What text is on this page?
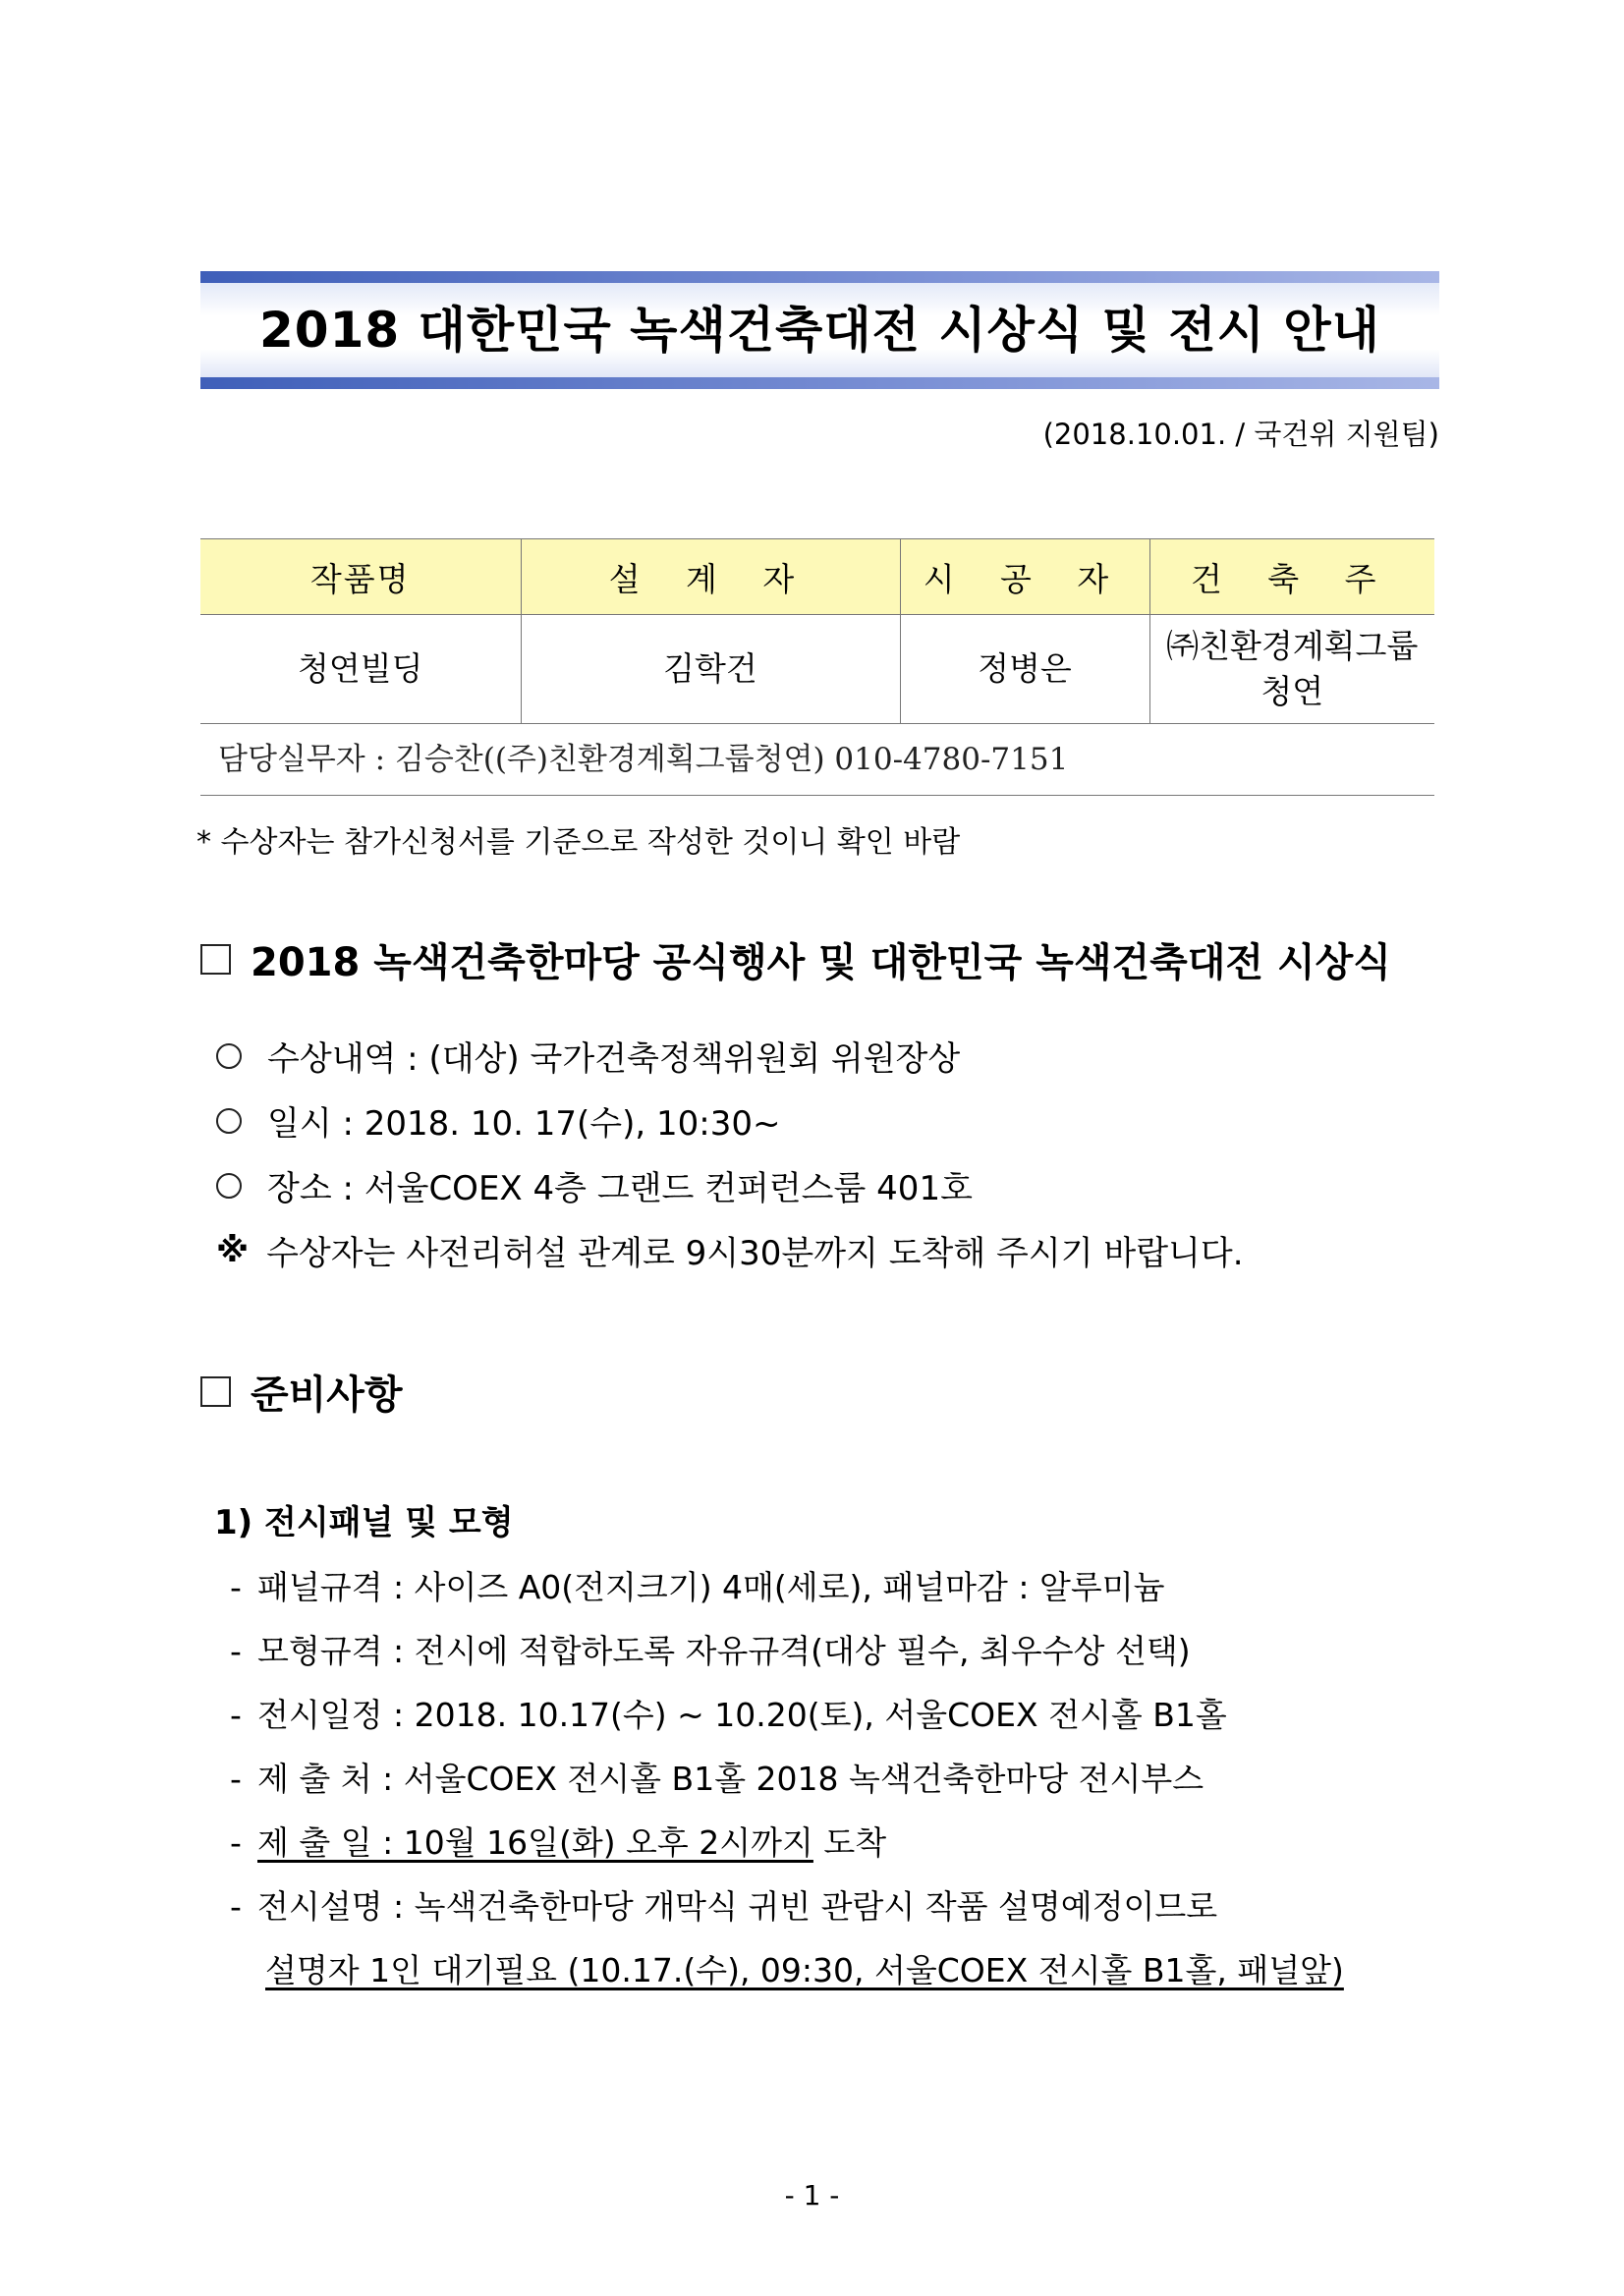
2018 대한민국 녹색건축대전 시상식 및 전시 안내
(2018.10.01. / 국건위 지원팀)
작품명	설 계 자	시 공 자	건 축 주
청연빌딩	김학건	정병은	㈜친환경계획그룹
청연

담당실무자 : 김승찬((주)친환경계획그룹청연) 010-4780-7151			
* 수상자는 참가신청서를 기준으로 작성한 것이니 확인 바람
2018 녹색건축한마당 공식행사 및 대한민국 녹색건축대전 시상식
수상내역 : (대상) 국가건축정책위원회 위원장상
일시 : 2018. 10. 17(수), 10:30~
장소 : 서울COEX 4층 그랜드 컨퍼런스룸 401호
※ 수상자는 사전리허설 관계로 9시30분까지 도착해 주시기 바랍니다.
준비사항
1) 전시패널 및 모형
- 패널규격 : 사이즈 A0(전지크기) 4매(세로), 패널마감 : 알루미늄
- 모형규격 : 전시에 적합하도록 자유규격(대상 필수, 최우수상 선택)
- 전시일정 : 2018. 10.17(수) ~ 10.20(토), 서울COEX 전시홀 B1홀
- 제 출 처 : 서울COEX 전시홀 B1홀 2018 녹색건축한마당 전시부스
- 제 출 일 : 10월 16일(화) 오후 2시까지 도착
- 전시설명 : 녹색건축한마당 개막식 귀빈 관람시 작품 설명예정이므로
설명자 1인 대기필요 (10.17.(수), 09:30, 서울COEX 전시홀 B1홀, 패널앞)
- 1 -
